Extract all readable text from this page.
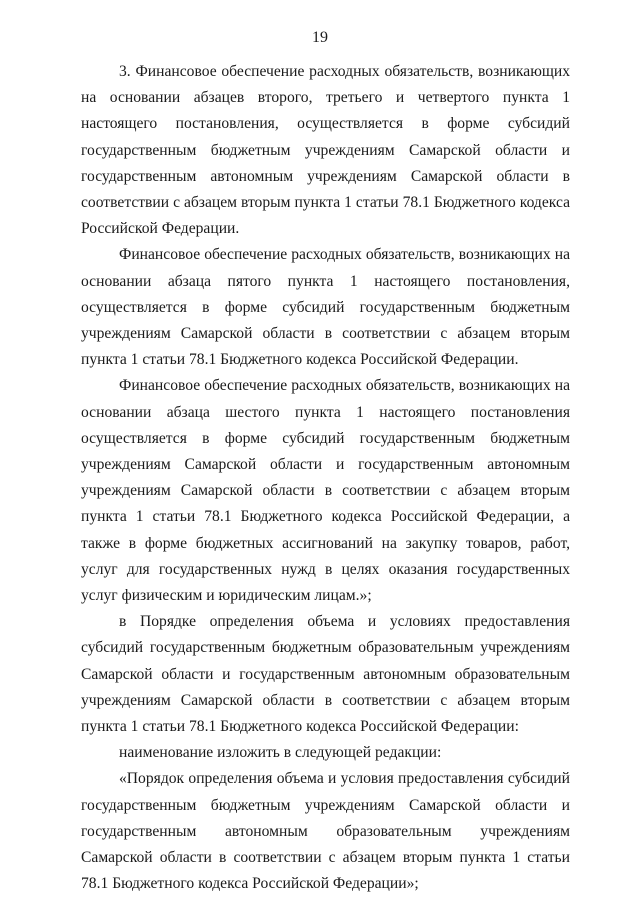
19

3. Финансовое обеспечение расходных обязательств, возникающих на основании абзацев второго, третьего и четвертого пункта 1 настоящего постановления, осуществляется в форме субсидий государственным бюджетным учреждениям Самарской области и государственным автономным учреждениям Самарской области в соответствии с абзацем вторым пункта 1 статьи 78.1 Бюджетного кодекса Российской Федерации.

Финансовое обеспечение расходных обязательств, возникающих на основании абзаца пятого пункта 1 настоящего постановления, осуществляется в форме субсидий государственным бюджетным учреждениям Самарской области в соответствии с абзацем вторым пункта 1 статьи 78.1 Бюджетного кодекса Российской Федерации.

Финансовое обеспечение расходных обязательств, возникающих на основании абзаца шестого пункта 1 настоящего постановления осуществляется в форме субсидий государственным бюджетным учреждениям Самарской области и государственным автономным учреждениям Самарской области в соответствии с абзацем вторым пункта 1 статьи 78.1 Бюджетного кодекса Российской Федерации, а также в форме бюджетных ассигнований на закупку товаров, работ, услуг для государственных нужд в целях оказания государственных услуг физическим и юридическим лицам.»;

в Порядке определения объема и условиях предоставления субсидий государственным бюджетным образовательным учреждениям Самарской области и государственным автономным образовательным учреждениям Самарской области в соответствии с абзацем вторым пункта 1 статьи 78.1 Бюджетного кодекса Российской Федерации:

наименование изложить в следующей редакции:

«Порядок определения объема и условия предоставления субсидий государственным бюджетным учреждениям Самарской области и государственным автономным образовательным учреждениям Самарской области в соответствии с абзацем вторым пункта 1 статьи 78.1 Бюджетного кодекса Российской Федерации»;
